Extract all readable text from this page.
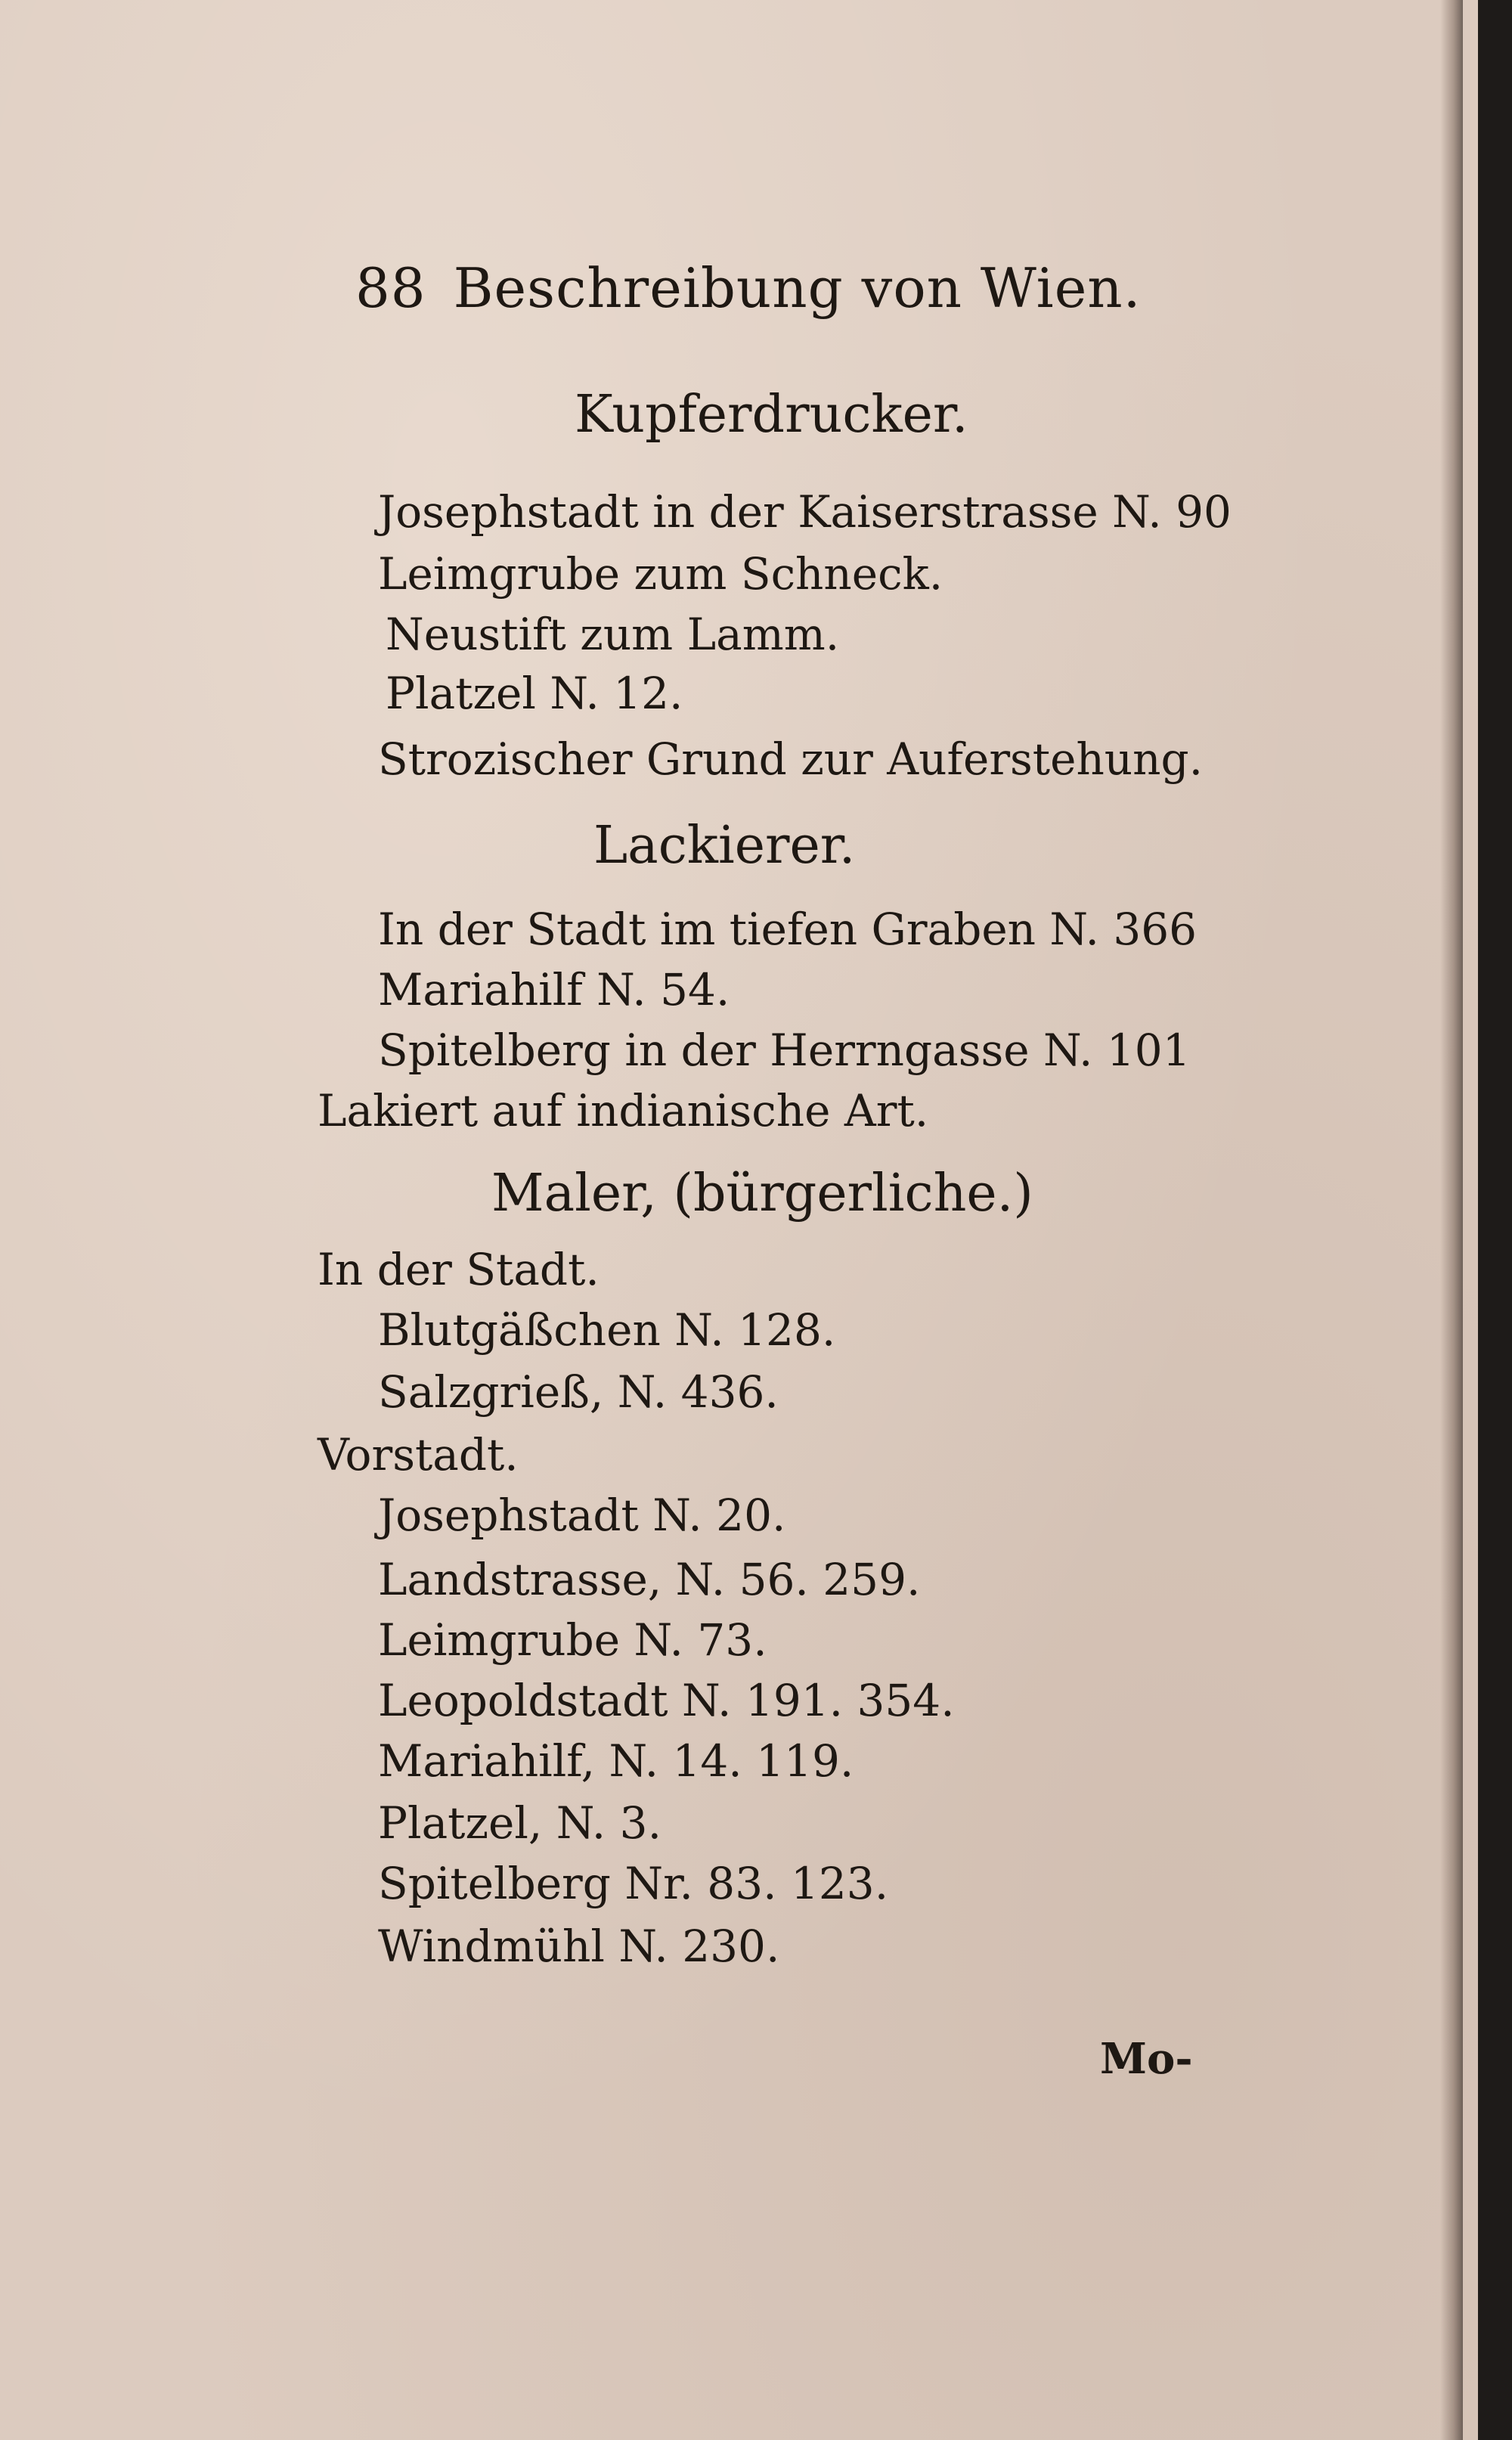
88 Beschreibung von Wien.
Kupferdrucker.
Josephstadt in der Kaiserstrasse N. 90
Leimgrube zum Schneck.
Neustift zum Lamm.
Platzel N. 12.
Strozischer Grund zur Auferstehung.
Lackierer.
In der Stadt im tiefen Graben N. 366
Mariahilf N. 54.
Spitelberg in der Herrngasse N. 101
Lakiert auf indianische Art.
Maler, (bürgerliche.)
In der Stadt.
Blutgäßchen N. 128.
Salzgrieß, N. 436.
Vorstadt.
Josephstadt N. 20.
Landstrasse, N. 56. 259.
Leimgrube N. 73.
Leopoldstadt N. 191. 354.
Mariahilf, N. 14. 119.
Platzel, N. 3.
Spitelberg Nr. 83. 123.
Windmühl N. 230.
Mo-
